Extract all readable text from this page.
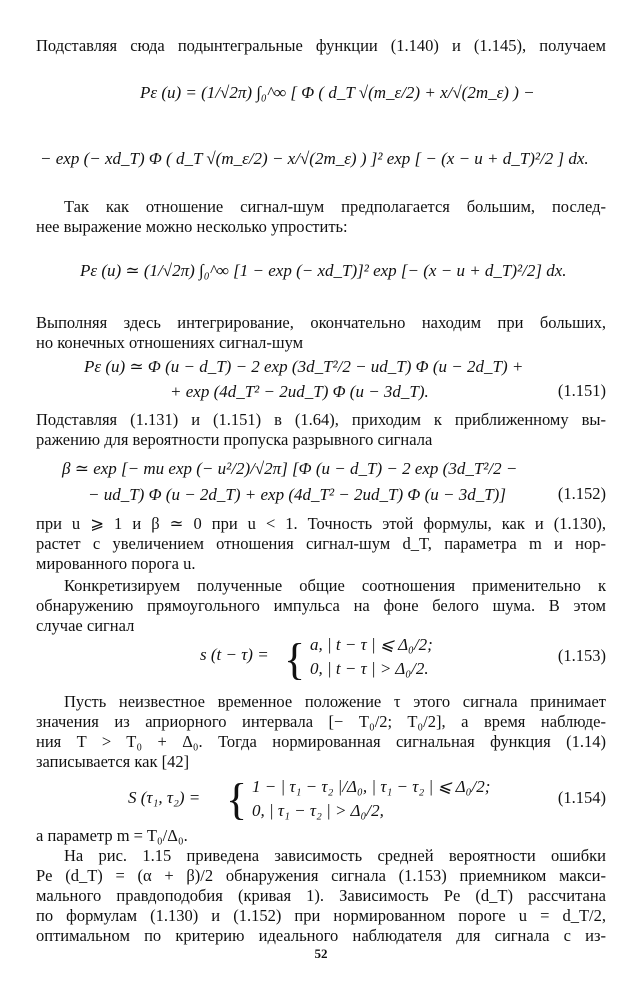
Подставляя сюда подынтегральные функции (1.140) и (1.145), получаем
Pε (u) = (1/√2π) ∫₀^∞ [ Φ ( d_T √(m_ε/2) + x/√(2m_ε) ) −
− exp (− xd_T) Φ ( d_T √(m_ε/2) − x/√(2m_ε) ) ]² exp [ − (x − u + d_T)²/2 ] dx.
Так как отношение сигнал-шум предполагается большим, послед-
нее выражение можно несколько упростить:
Pε (u) ≃ (1/√2π) ∫₀^∞ [1 − exp (− xd_T)]² exp [− (x − u + d_T)²/2] dx.
Выполняя здесь интегрирование, окончательно находим при больших,
но конечных отношениях сигнал-шум
Pε (u) ≃ Φ (u − d_T) − 2 exp (3d_T²/2 − ud_T) Φ (u − 2d_T) +
+ exp (4d_T² − 2ud_T) Φ (u − 3d_T).	(1.151)
Подставляя (1.131) и (1.151) в (1.64), приходим к приближенному вы-
ражению для вероятности пропуска разрывного сигнала
β ≃ exp [− mu exp (− u²/2)/√2π] [Φ (u − d_T) − 2 exp (3d_T²/2 −
− ud_T) Φ (u − 2d_T) + exp (4d_T² − 2ud_T) Φ (u − 3d_T)]	(1.152)
при u ⩾ 1 и β ≃ 0 при u < 1. Точность этой формулы, как и (1.130),
растет с увеличением отношения сигнал-шум d_T, параметра m и нор-
мированного порога u.
Конкретизируем полученные общие соотношения применительно к
обнаружению прямоугольного импульса на фоне белого шума. В этом
случае сигнал
s (t − τ) = { a, | t − τ | ⩽ Δ₀/2;
0, | t − τ | > Δ₀/2.
(1.153)
Пусть неизвестное временное положение τ этого сигнала принимает
значения из априорного интервала [− T₀/2; T₀/2], а время наблюде-
ния T > T₀ + Δ₀. Тогда нормированная сигнальная функция (1.14)
записывается как [42]
S (τ₁, τ₂) = { 1 − | τ₁ − τ₂ |/Δ₀, | τ₁ − τ₂ | ⩽ Δ₀/2;
0, | τ₁ − τ₂ | > Δ₀/2,
(1.154)
а параметр m = T₀/Δ₀.
На рис. 1.15 приведена зависимость средней вероятности ошибки
Pe (d_T) = (α + β)/2 обнаружения сигнала (1.153) приемником макси-
мального правдоподобия (кривая 1). Зависимость Pe (d_T) рассчитана
по формулам (1.130) и (1.152) при нормированном пороге u = d_T/2,
оптимальном по критерию идеального наблюдателя для сигнала с из-
52
